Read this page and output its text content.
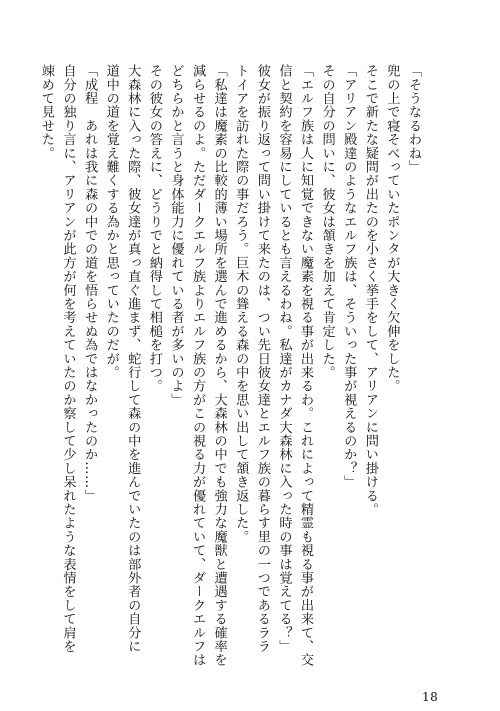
「そうなるわね」
兜の上で寝そべっていたポンタが大きく欠伸をした。
そこで新たな疑問が出たのを小さく挙手をして、アリアンに問い掛ける。
「アリアン殿達のようなエルフ族は、そういった事が視えるのか？」
その自分の問いに、彼女は頷きを加えて肯定した。
「エルフ族は人に知覚できない魔素を視る事が出来るわ。これによって精霊も視る事が出来て、交
信と契約を容易にしているとも言えるわね。私達がカナダ大森林に入った時の事は覚えてる？」
彼女が振り返って問い掛けて来たのは、つい先日彼女達とエルフ族の暮らす里の一つであるララ
トイアを訪れた際の事だろう。巨木の聳える森の中を思い出して頷き返した。
「私達は魔素の比較的薄い場所を選んで進めるから、大森林の中でも強力な魔獣と遭遇する確率を
減らせるのよ。ただダークエルフ族よりエルフ族の方がこの視る力が優れていて、ダークエルフは
どちらかと言うと身体能力に優れている者が多いのよ」
その彼女の答えに、どうりでと納得して相槌を打つ。
大森林に入った際、彼女達が真っ直ぐ進まず、蛇行して森の中を進んでいたのは部外者の自分に
道中の道を覚え難くする為かと思っていたのだが。
「成程　あれは我に森の中での道を悟らせぬ為ではなかったのか……」
自分の独り言に、アリアンが此方が何を考えていたのか察して少し呆れたような表情をして肩を
竦めて見せた。
18
